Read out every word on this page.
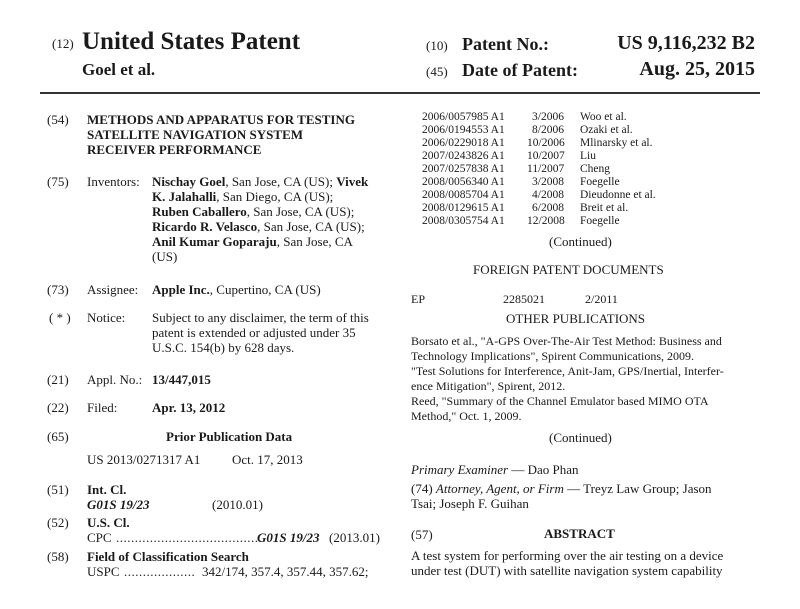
(12) United States Patent
Goel et al.
(10) Patent No.:	US 9,116,232 B2
(45) Date of Patent:	Aug. 25, 2015
(54) METHODS AND APPARATUS FOR TESTING
SATELLITE NAVIGATION SYSTEM
RECEIVER PERFORMANCE
(75) Inventors: Nischay Goel, San Jose, CA (US); Vivek
K. Jalahalli, San Diego, CA (US);
Ruben Caballero, San Jose, CA (US);
Ricardo R. Velasco, San Jose, CA (US);
Anil Kumar Goparaju, San Jose, CA
(US)
(73) Assignee: Apple Inc., Cupertino, CA (US)
( * ) Notice: Subject to any disclaimer, the term of this
patent is extended or adjusted under 35
U.S.C. 154(b) by 628 days.
(21) Appl. No.: 13/447,015
(22) Filed:	Apr. 13, 2012
(65)	Prior Publication Data
US 2013/0271317 A1 Oct. 17, 2013
(51) Int. Cl.
G01S 19/23	(2010.01)
(52) U.S. Cl.
CPC .......................................
G01S 19/23 (2013.01)
(58) Field of Classification Search
USPC ................... 342/174, 357.4, 357.44, 357.62;
2006/0057985 A1 3/2006 Woo et al.
2006/0194553 A1 8/2006 Ozaki et al.
2006/0229018 A1 10/2006 Mlinarsky et al.
2007/0243826 A1 10/2007 Liu
2007/0257838 A1 11/2007 Cheng
2008/0056340 A1 3/2008 Foegelle
2008/0085704 A1 4/2008 Dieudonne et al.
2008/0129615 A1 6/2008 Breit et al.
2008/0305754 A1 12/2008 Foegelle
(Continued)
FOREIGN PATENT DOCUMENTS
EP	2285021	2/2011
OTHER PUBLICATIONS
Borsato et al., "A-GPS Over-The-Air Test Method: Business and
Technology Implications", Spirent Communications, 2009.
"Test Solutions for Interference, Anit-Jam, GPS/Inertial, Interfer-
ence Mitigation", Spirent, 2012.
Reed, "Summary of the Channel Emulator based MIMO OTA
Method," Oct. 1, 2009.
(Continued)
Primary Examiner — Dao Phan
(74) Attorney, Agent, or Firm — Treyz Law Group; Jason
Tsai; Joseph F. Guihan
(57)	ABSTRACT
A test system for performing over the air testing on a device
under test (DUT) with satellite navigation system capability
